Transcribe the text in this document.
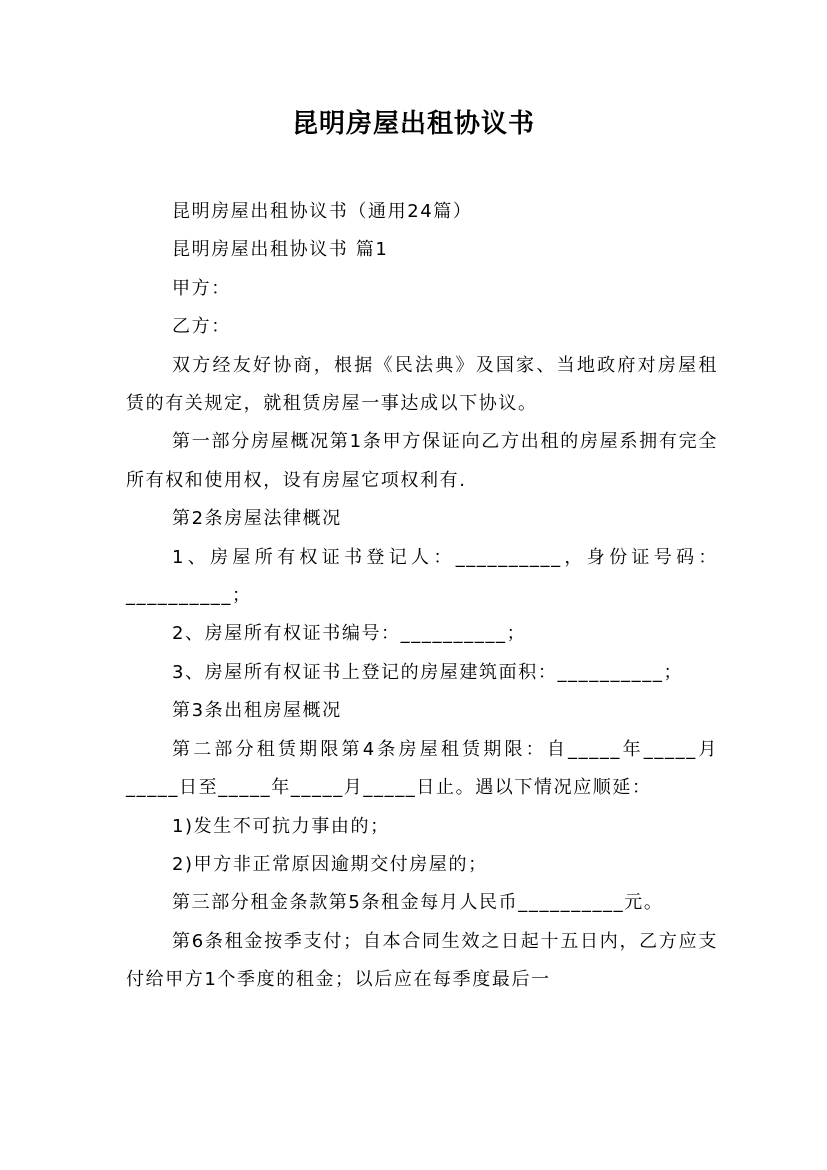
昆明房屋出租协议书

昆明房屋出租协议书（通用24篇）

昆明房屋出租协议书 篇1

甲方：

乙方：

双方经友好协商，根据《民法典》及国家、当地政府对房屋租赁的有关规定，就租赁房屋一事达成以下协议。

第一部分房屋概况第1条甲方保证向乙方出租的房屋系拥有完全所有权和使用权，设有房屋它项权利有.

第2条房屋法律概况

1、房屋所有权证书登记人：__________，身份证号码：__________；

2、房屋所有权证书编号：__________；

3、房屋所有权证书上登记的房屋建筑面积：__________；

第3条出租房屋概况

第二部分租赁期限第4条房屋租赁期限：自_____年_____月_____日至_____年_____月_____日止。遇以下情况应顺延：

1)发生不可抗力事由的；

2)甲方非正常原因逾期交付房屋的；

第三部分租金条款第5条租金每月人民币__________元。

第6条租金按季支付；自本合同生效之日起十五日内，乙方应支付给甲方1个季度的租金；以后应在每季度最后一
